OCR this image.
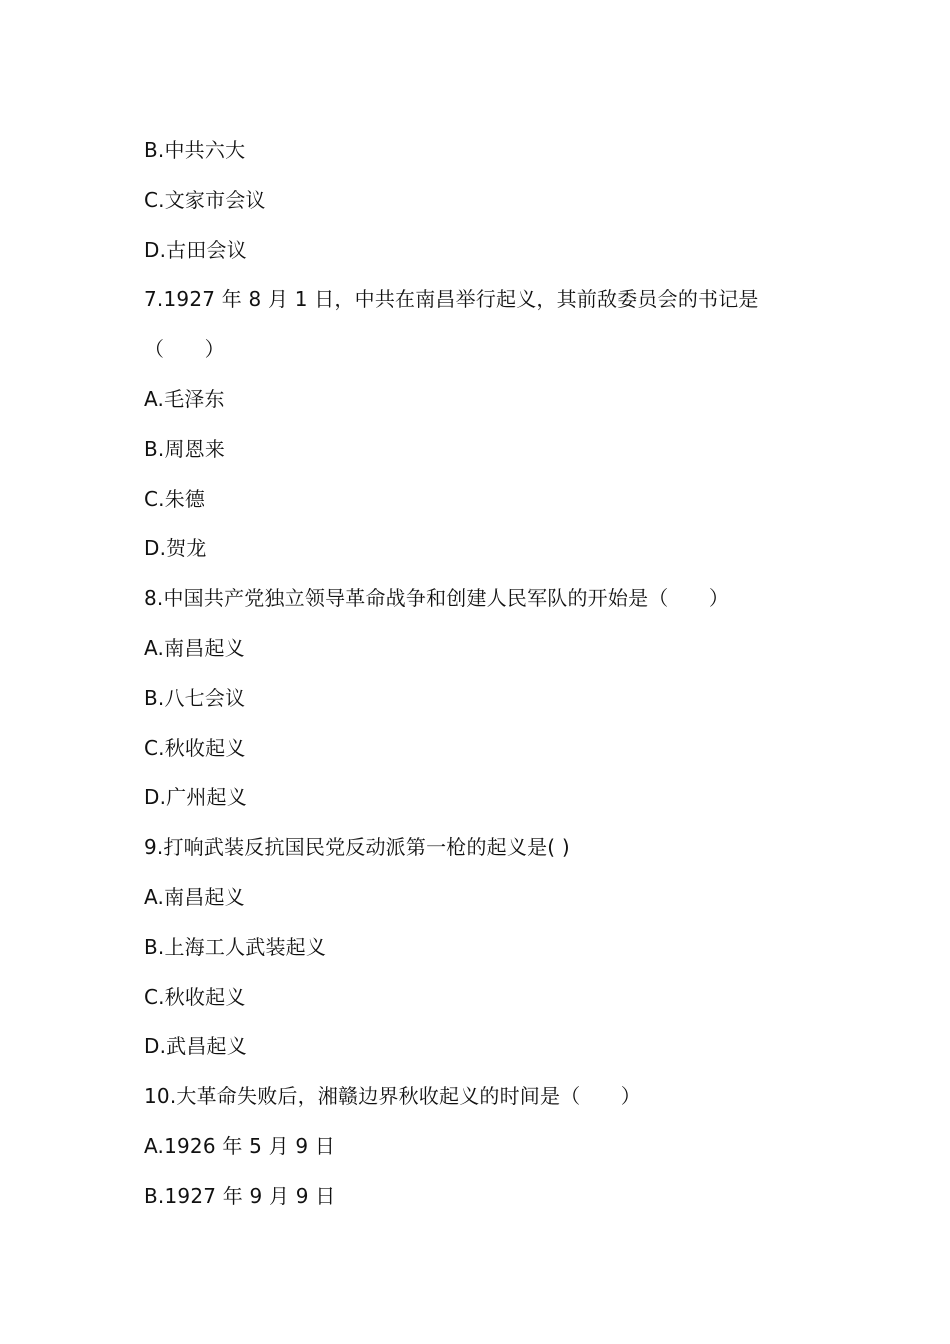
B.中共六大
C.文家市会议
D.古田会议
7.1927 年 8 月 1 日，中共在南昌举行起义，其前敌委员会的书记是
（　　）
A.毛泽东
B.周恩来
C.朱德
D.贺龙
8.中国共产党独立领导革命战争和创建人民军队的开始是（　　）
A.南昌起义
B.八七会议
C.秋收起义
D.广州起义
9.打响武装反抗国民党反动派第一枪的起义是( )
A.南昌起义
B.上海工人武装起义
C.秋收起义
D.武昌起义
10.大革命失败后，湘赣边界秋收起义的时间是（　　）
A.1926 年 5 月 9 日
B.1927 年 9 月 9 日
